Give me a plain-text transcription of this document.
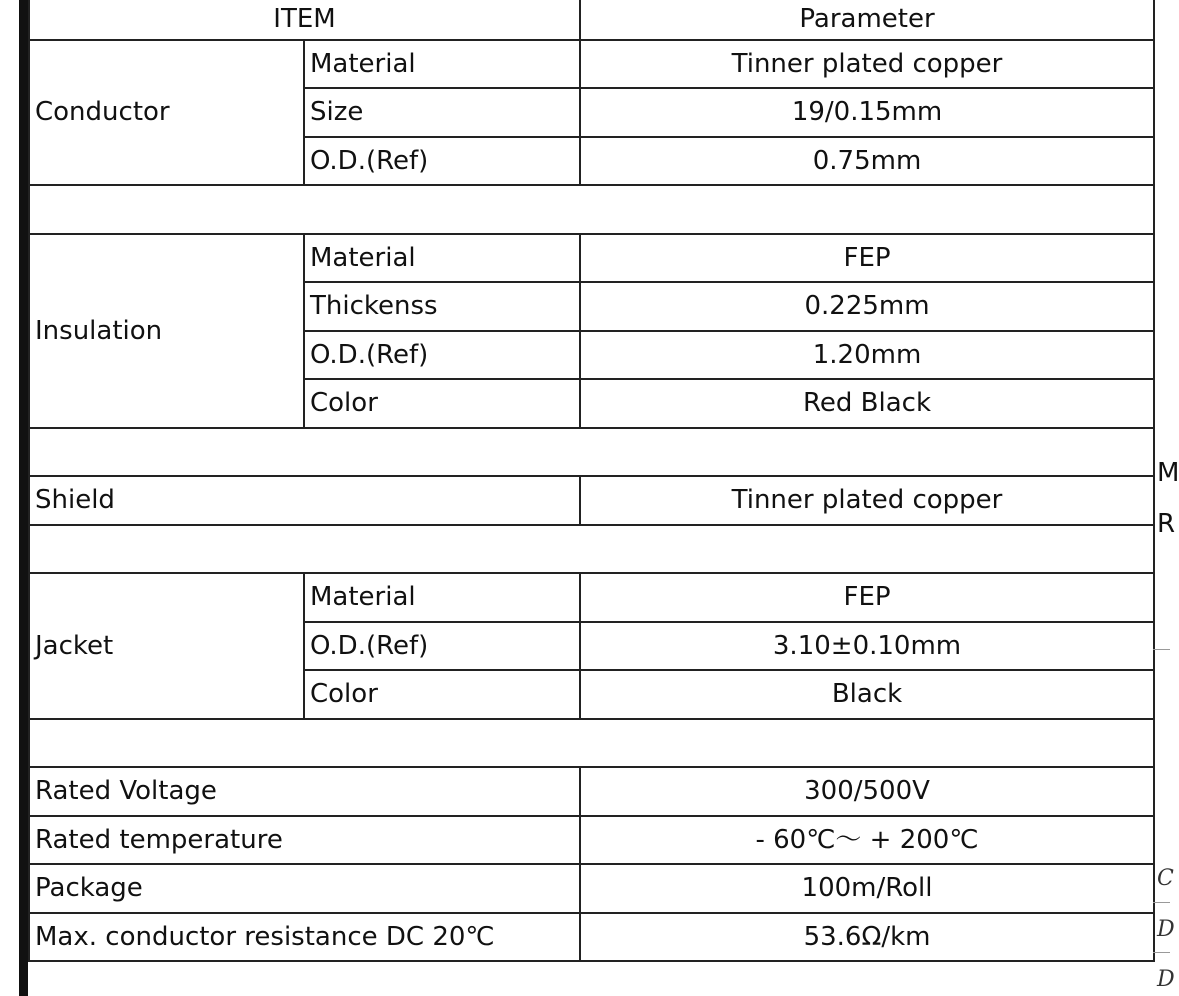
ITEM		Parameter
Conductor	Material	Tinner plated copper
	Size	19/0.15mm
	O.D.(Ref)	0.75mm

Insulation	Material	FEP
	Thickenss	0.225mm
	O.D.(Ref)	1.20mm
	Color	Red Black

Shield		Tinner plated copper

Jacket	Material	FEP
	O.D.(Ref)	3.10±0.10mm
	Color	Black

Rated Voltage		300/500V
Rated temperature		- 60℃～ + 200℃
Package		100m/Roll
Max. conductor resistance DC 20℃		53.6Ω/km
M
R
C
D
D
